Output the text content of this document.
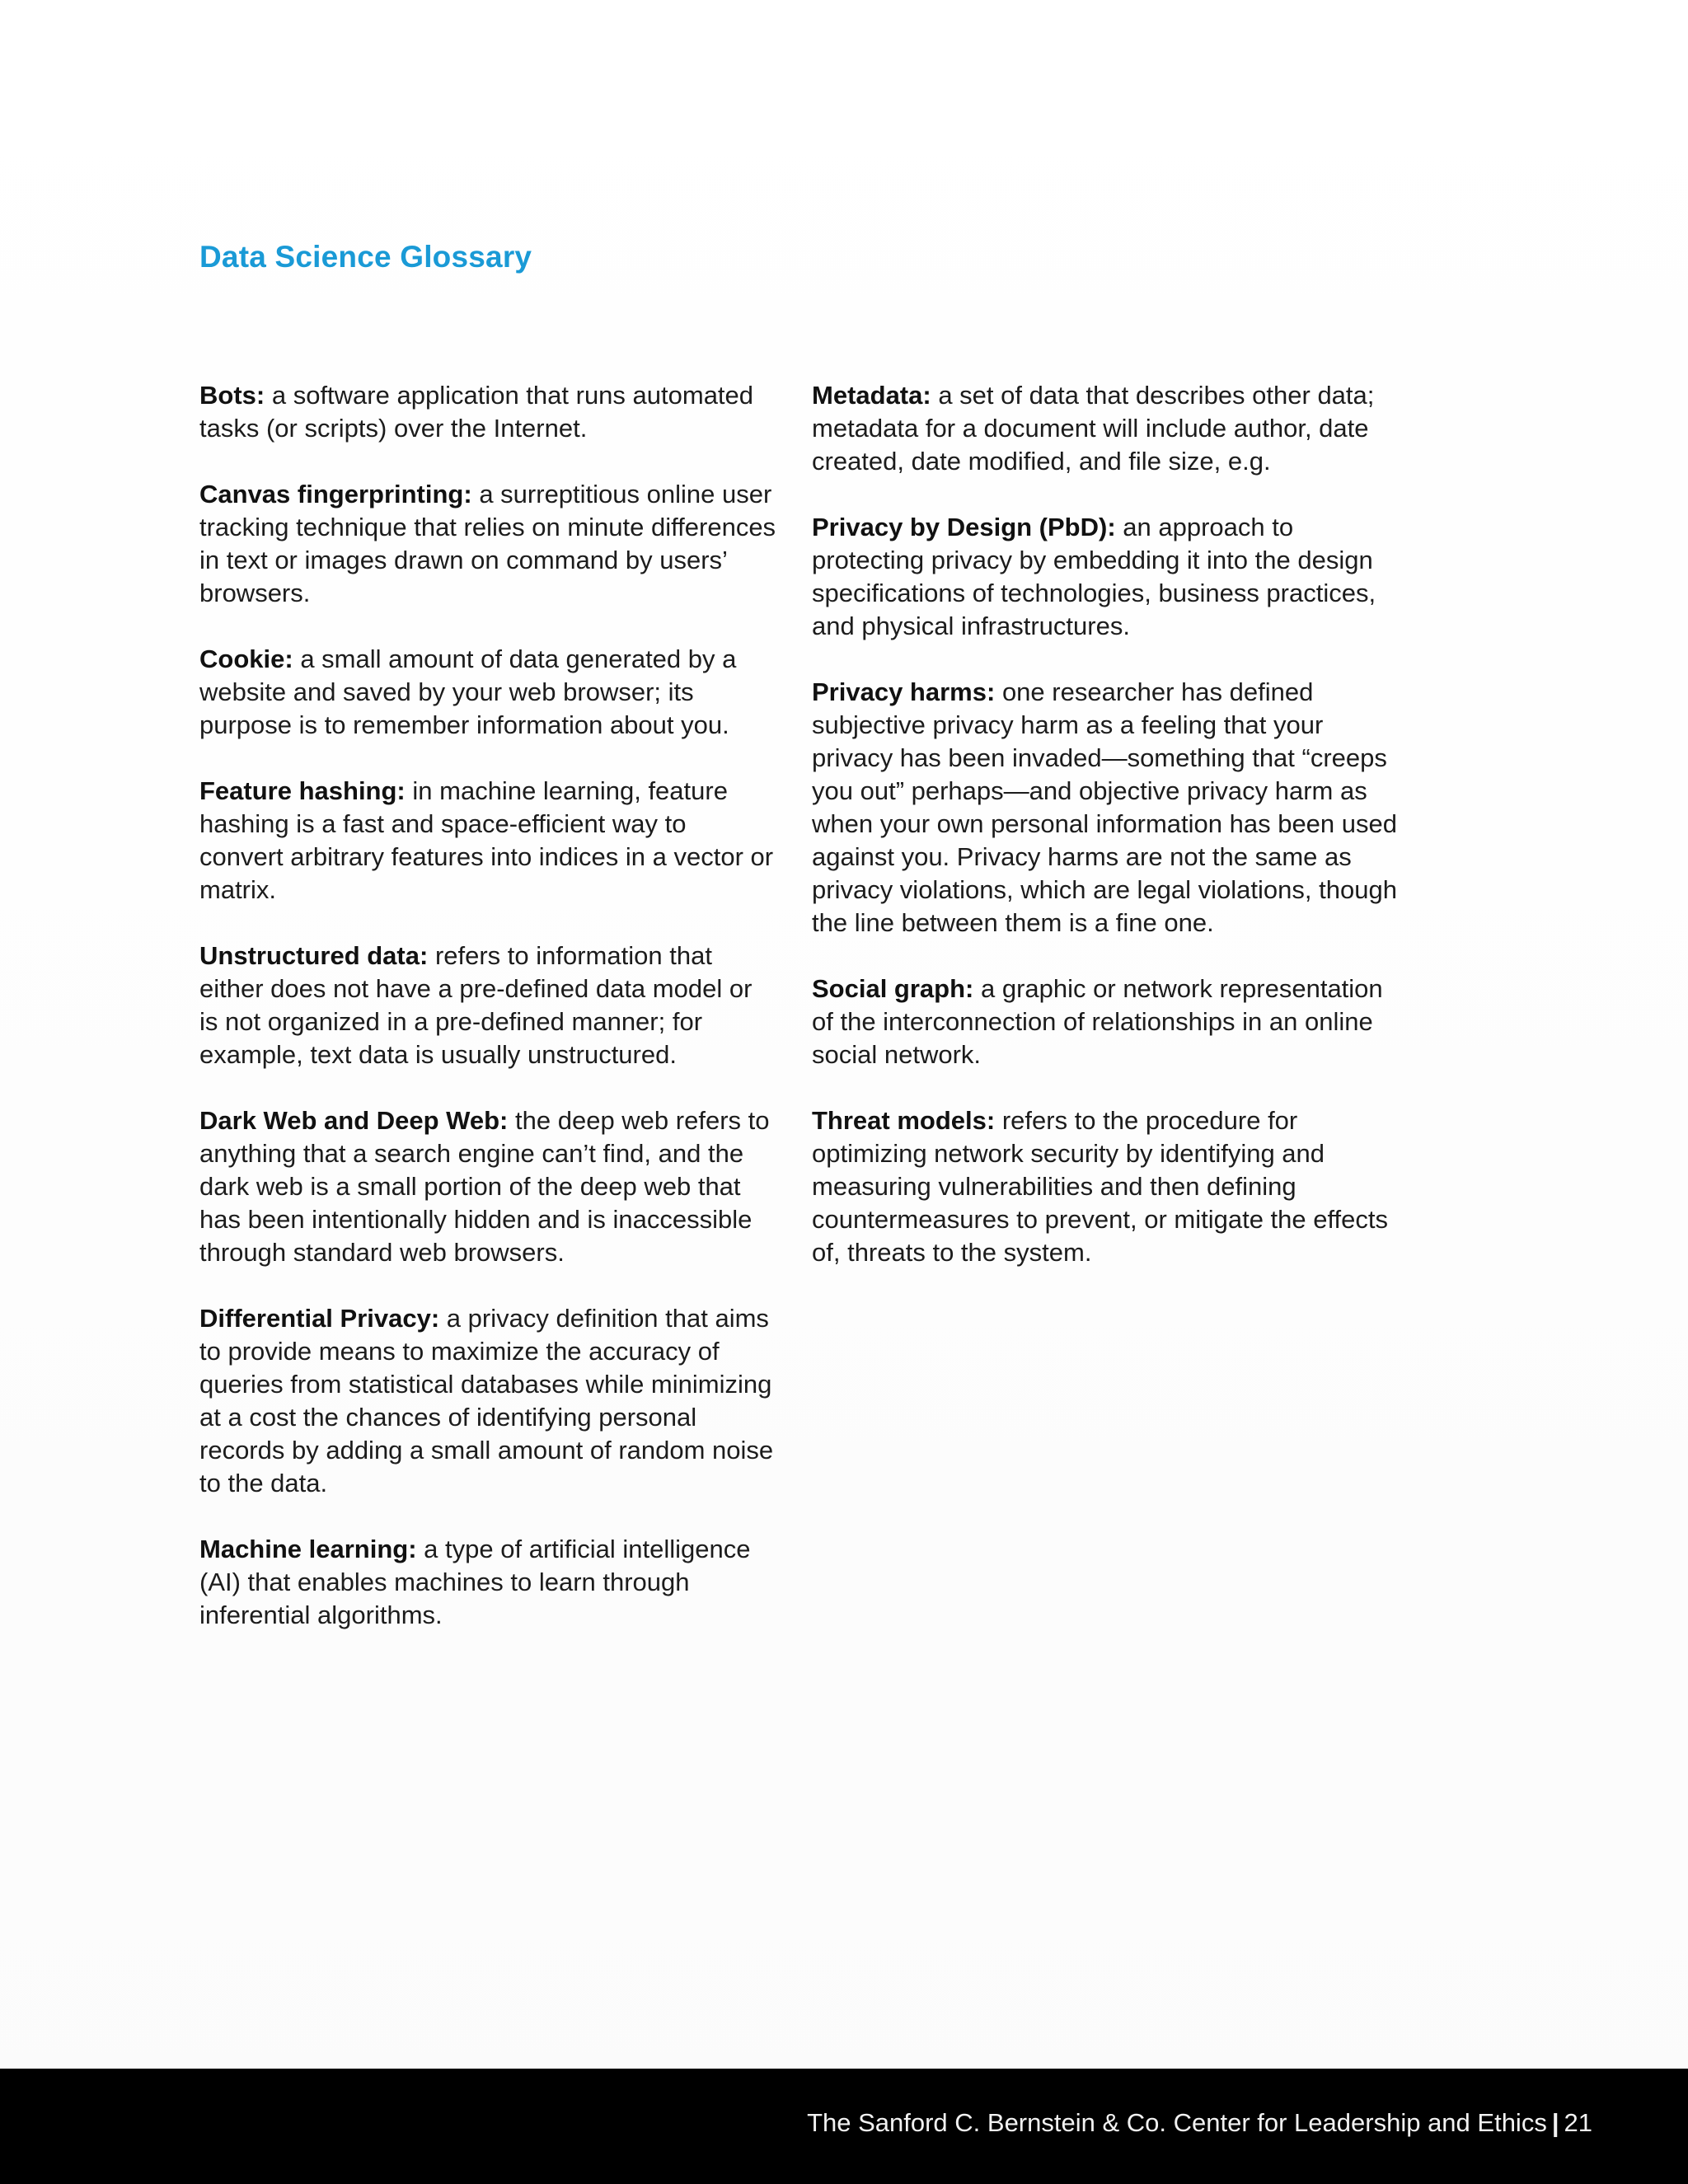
Data Science Glossary

Bots: a software application that runs automated tasks (or scripts) over the Internet.

Canvas fingerprinting: a surreptitious online user tracking technique that relies on minute differences in text or images drawn on command by users’ browsers.

Cookie: a small amount of data generated by a website and saved by your web browser; its purpose is to remember information about you.

Feature hashing: in machine learning, feature hashing is a fast and space-efficient way to convert arbitrary features into indices in a vector or matrix.

Unstructured data: refers to information that either does not have a pre-defined data model or is not organized in a pre-defined manner; for example, text data is usually unstructured.

Dark Web and Deep Web: the deep web refers to anything that a search engine can’t find, and the dark web is a small portion of the deep web that has been intentionally hidden and is inaccessible through standard web browsers.

Differential Privacy: a privacy definition that aims to provide means to maximize the accuracy of queries from statistical databases while minimizing at a cost the chances of identifying personal records by adding a small amount of random noise to the data.

Machine learning: a type of artificial intelligence (AI) that enables machines to learn through inferential algorithms.

Metadata: a set of data that describes other data; metadata for a document will include author, date created, date modified, and file size, e.g.

Privacy by Design (PbD): an approach to protecting privacy by embedding it into the design specifications of technologies, business practices, and physical infrastructures.

Privacy harms: one researcher has defined subjective privacy harm as a feeling that your privacy has been invaded—something that “creeps you out” perhaps—and objective privacy harm as when your own personal information has been used against you. Privacy harms are not the same as privacy violations, which are legal violations, though the line between them is a fine one.

Social graph: a graphic or network representation of the interconnection of relationships in an online social network.

Threat models: refers to the procedure for optimizing network security by identifying and measuring vulnerabilities and then defining countermeasures to prevent, or mitigate the effects of, threats to the system.

The Sanford C. Bernstein & Co. Center for Leadership and Ethics | 21
